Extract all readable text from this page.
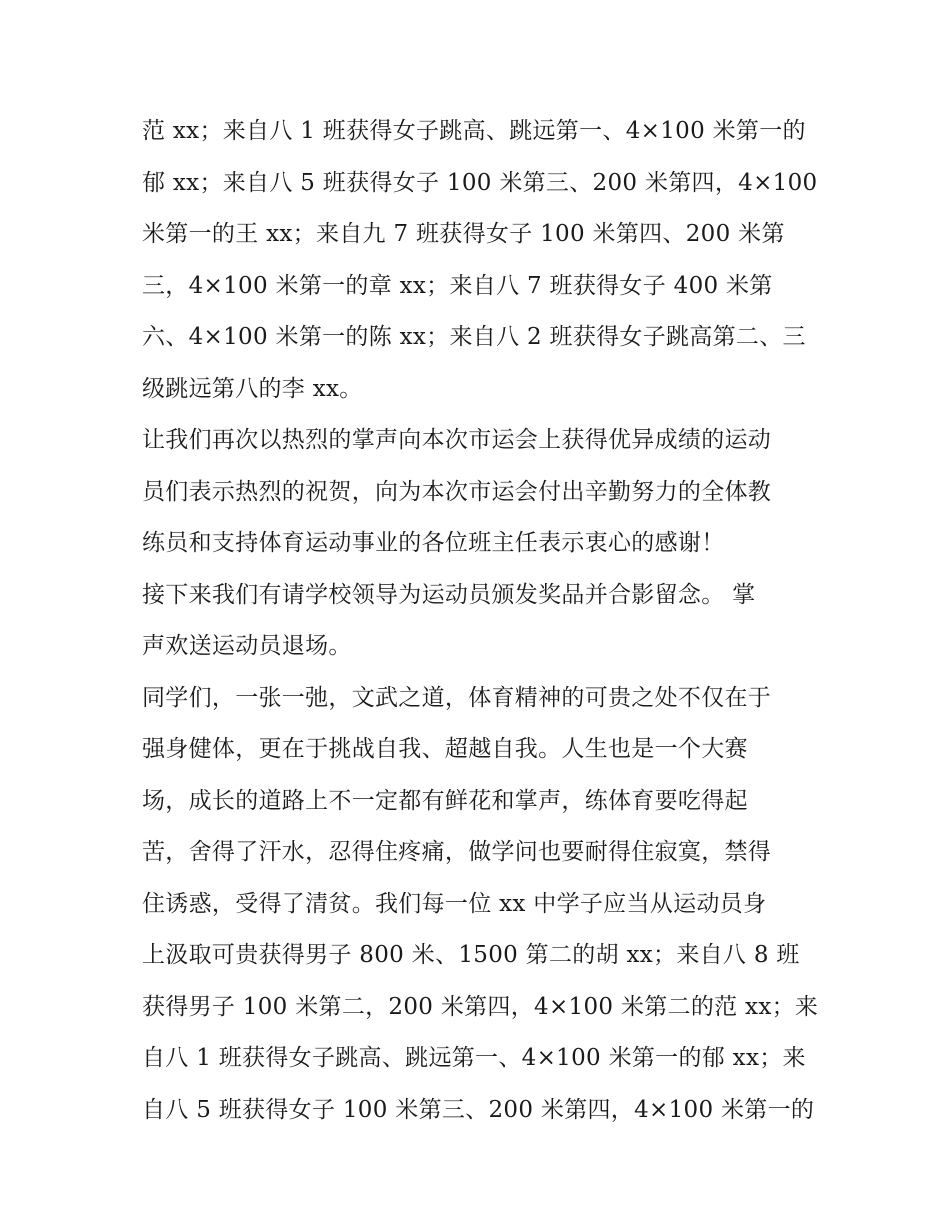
范 xx；来自八 1 班获得女子跳高、跳远第一、4×100 米第一的
郁 xx；来自八 5 班获得女子 100 米第三、200 米第四，4×100
米第一的王 xx；来自九 7 班获得女子 100 米第四、200 米第
三，4×100 米第一的章 xx；来自八 7 班获得女子 400 米第
六、4×100 米第一的陈 xx；来自八 2 班获得女子跳高第二、三
级跳远第八的李 xx。
让我们再次以热烈的掌声向本次市运会上获得优异成绩的运动
员们表示热烈的祝贺，向为本次市运会付出辛勤努力的全体教
练员和支持体育运动事业的各位班主任表示衷心的感谢！
接下来我们有请学校领导为运动员颁发奖品并合影留念。 掌
声欢送运动员退场。
同学们，一张一弛，文武之道，体育精神的可贵之处不仅在于
强身健体，更在于挑战自我、超越自我。人生也是一个大赛
场，成长的道路上不一定都有鲜花和掌声，练体育要吃得起
苦，舍得了汗水，忍得住疼痛，做学问也要耐得住寂寞，禁得
住诱惑，受得了清贫。我们每一位 xx 中学子应当从运动员身
上汲取可贵获得男子 800 米、1500 第二的胡 xx；来自八 8 班
获得男子 100 米第二，200 米第四，4×100 米第二的范 xx；来
自八 1 班获得女子跳高、跳远第一、4×100 米第一的郁 xx；来
自八 5 班获得女子 100 米第三、200 米第四，4×100 米第一的
